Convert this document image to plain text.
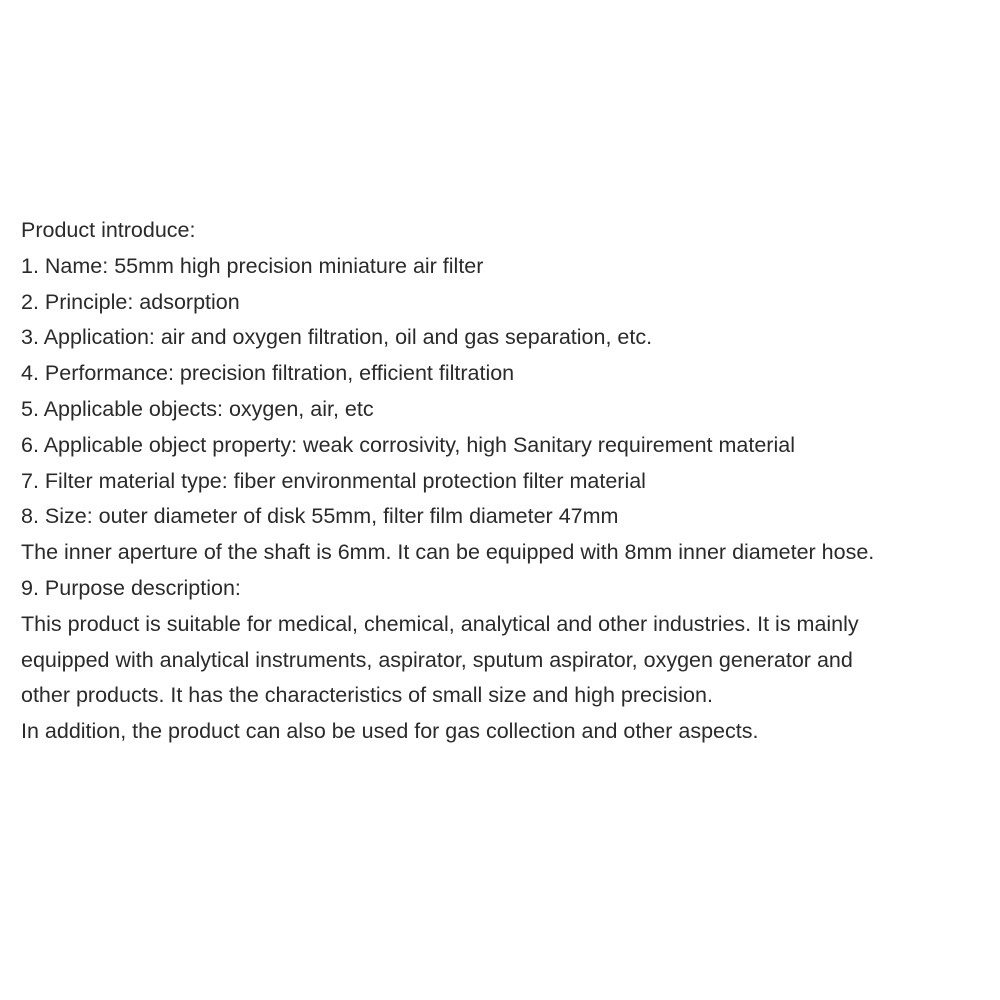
Product introduce:
1. Name: 55mm high precision miniature air filter
2. Principle: adsorption
3. Application: air and oxygen filtration, oil and gas separation, etc.
4. Performance: precision filtration, efficient filtration
5. Applicable objects: oxygen, air, etc
6. Applicable object property: weak corrosivity, high Sanitary requirement material
7. Filter material type: fiber environmental protection filter material
8. Size: outer diameter of disk 55mm, filter film diameter 47mm
The inner aperture of the shaft is 6mm. It can be equipped with 8mm inner diameter hose.
9. Purpose description:
This product is suitable for medical, chemical, analytical and other industries. It is mainly
equipped with analytical instruments, aspirator, sputum aspirator, oxygen generator and
other products. It has the characteristics of small size and high precision.
In addition, the product can also be used for gas collection and other aspects.
